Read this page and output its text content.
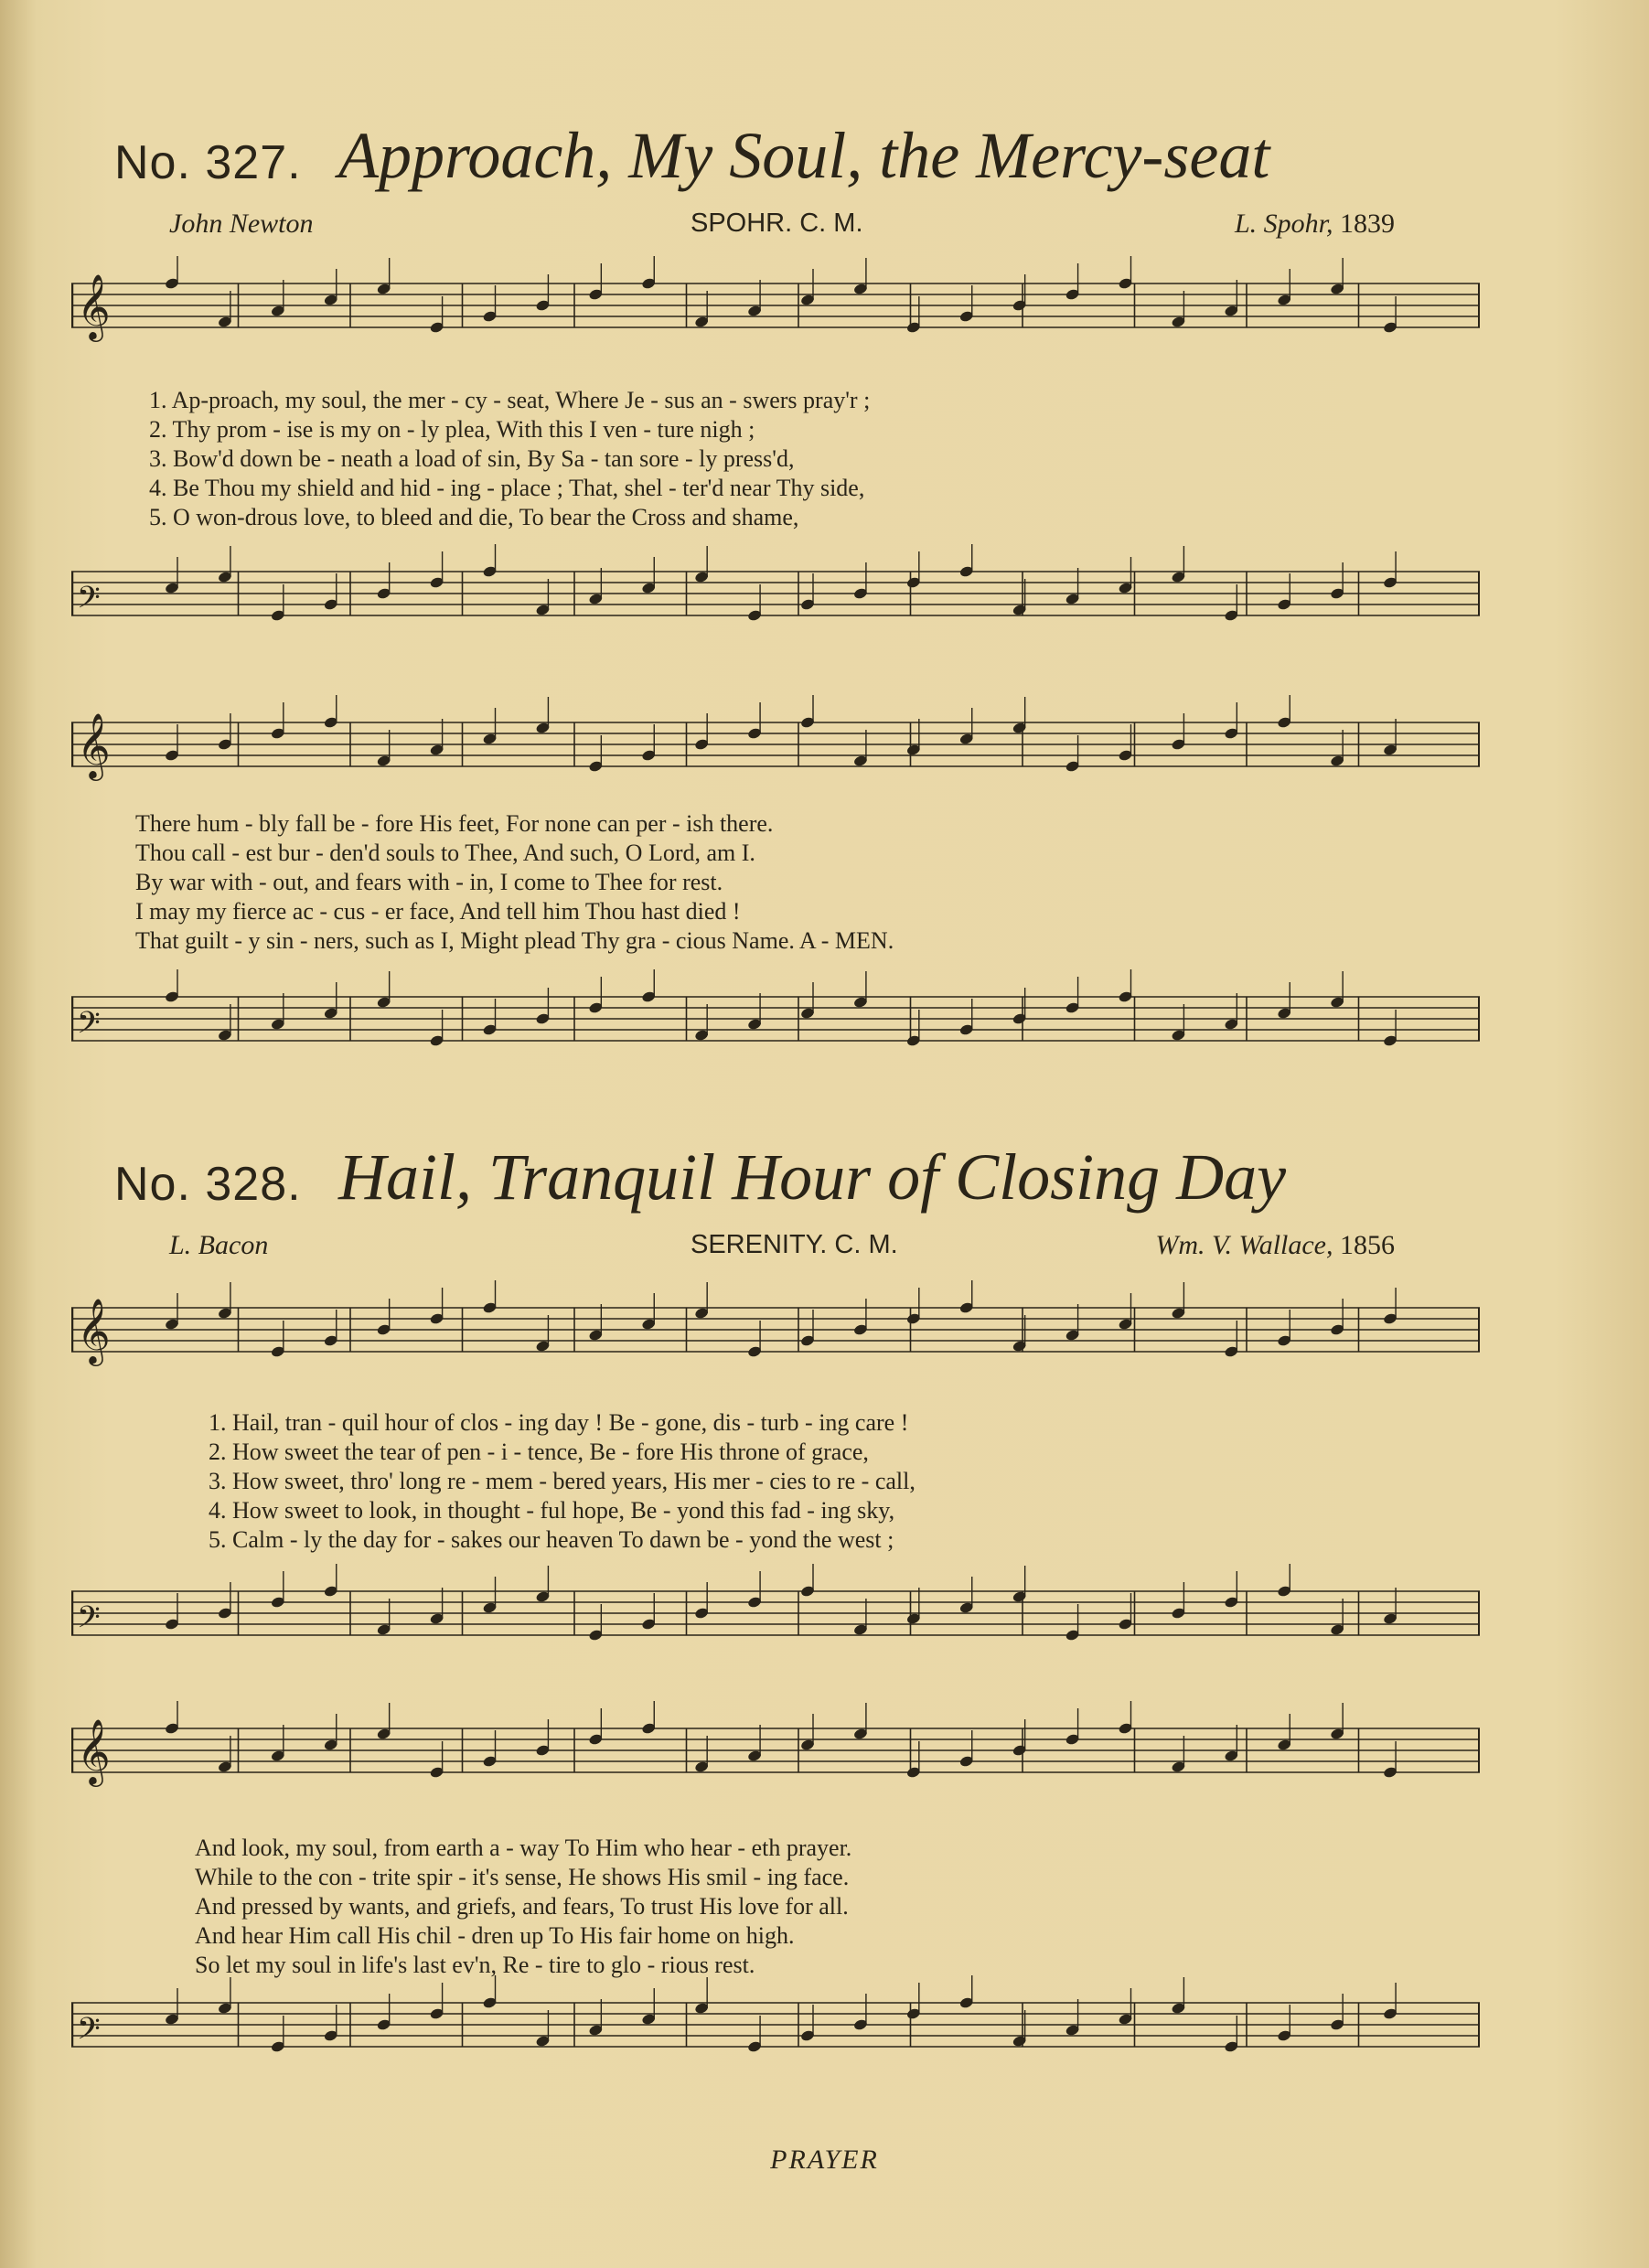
No. 327. Approach, My Soul, the Mercy-seat
John Newton	SPOHR. C. M.	L. Spohr, 1839
𝄞
1. Ap-proach, my soul, the mer - cy - seat, Where Je - sus an - swers pray'r ;
2. Thy prom - ise is my on - ly plea, With this I ven - ture nigh ;
3. Bow'd down be - neath a load of sin, By Sa - tan sore - ly press'd,
4. Be Thou my shield and hid - ing - place ; That, shel - ter'd near Thy side,
5. O won-drous love, to bleed and die, To bear the Cross and shame,
𝄢
𝄞
There hum - bly fall be - fore His feet, For none can per - ish there.
Thou call - est bur - den'd souls to Thee, And such, O Lord, am I.
By war with - out, and fears with - in, I come to Thee for rest.
I may my fierce ac - cus - er face, And tell him Thou hast died !
That guilt - y sin - ners, such as I, Might plead Thy gra - cious Name. A - MEN.
𝄢
No. 328. Hail, Tranquil Hour of Closing Day
L. Bacon	SERENITY. C. M.	Wm. V. Wallace, 1856
𝄞
1. Hail, tran - quil hour of clos - ing day ! Be - gone, dis - turb - ing care !
2. How sweet the tear of pen - i - tence, Be - fore His throne of grace,
3. How sweet, thro' long re - mem - bered years, His mer - cies to re - call,
4. How sweet to look, in thought - ful hope, Be - yond this fad - ing sky,
5. Calm - ly the day for - sakes our heaven To dawn be - yond the west ;
𝄢
𝄞
And look, my soul, from earth a - way To Him who hear - eth prayer.
While to the con - trite spir - it's sense, He shows His smil - ing face.
And pressed by wants, and griefs, and fears, To trust His love for all.
And hear Him call His chil - dren up To His fair home on high.
So let my soul in life's last ev'n, Re - tire to glo - rious rest.
𝄢
PRAYER
